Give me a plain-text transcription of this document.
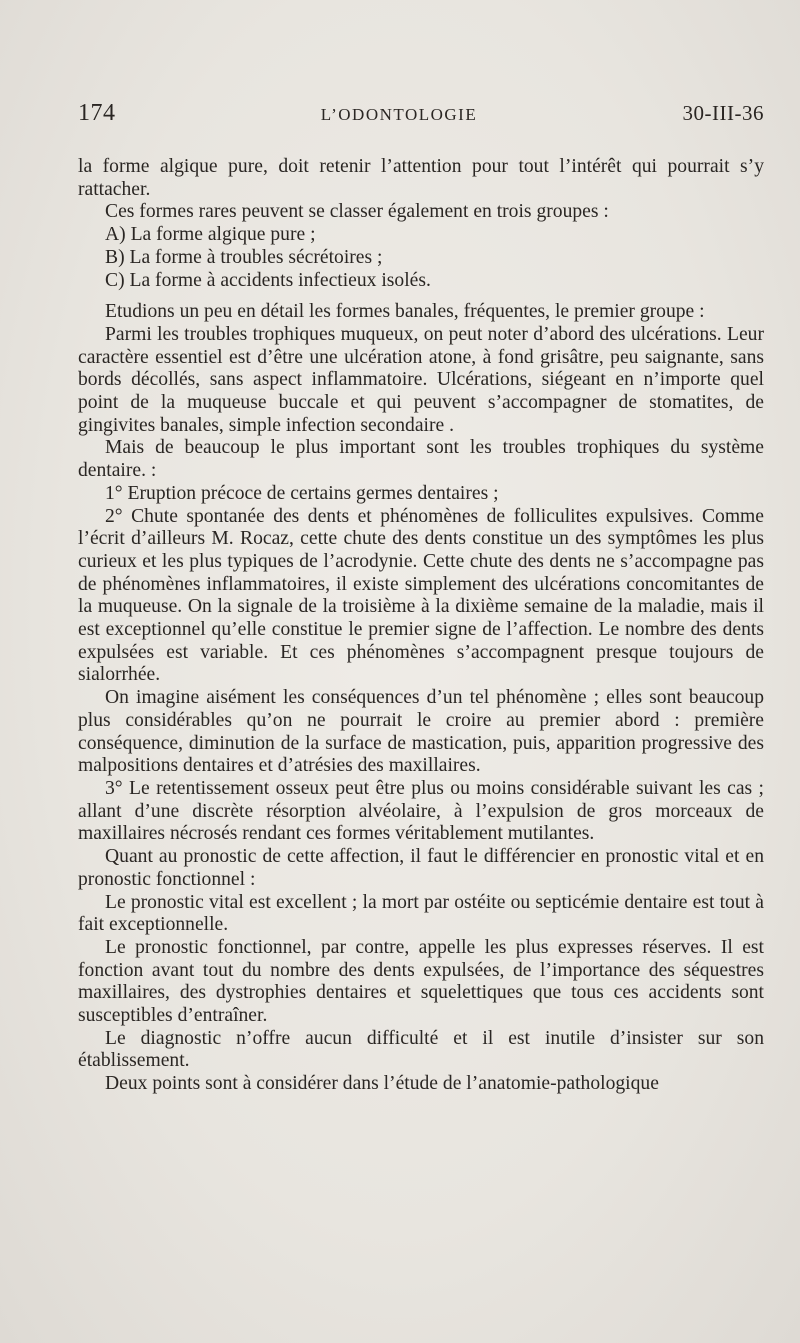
174	L’ODONTOLOGIE	30-III-36

la forme algique pure, doit retenir l’attention pour tout l’intérêt qui pourrait s’y rattacher.

Ces formes rares peuvent se classer également en trois groupes :

A) La forme algique pure ;

B) La forme à troubles sécrétoires ;

C) La forme à accidents infectieux isolés.

Etudions un peu en détail les formes banales, fréquentes, le premier groupe :

Parmi les troubles trophiques muqueux, on peut noter d’abord des ulcérations. Leur caractère essentiel est d’être une ulcération atone, à fond grisâtre, peu saignante, sans bords décollés, sans aspect inflammatoire. Ulcérations, siégeant en n’importe quel point de la muqueuse buccale et qui peuvent s’accompagner de stomatites, de gingivites banales, simple infection secondaire .

Mais de beaucoup le plus important sont les troubles trophiques du système dentaire. :

1° Eruption précoce de certains germes dentaires ;

2° Chute spontanée des dents et phénomènes de folliculites expulsives. Comme l’écrit d’ailleurs M. Rocaz, cette chute des dents constitue un des symptômes les plus curieux et les plus typiques de l’acrodynie. Cette chute des dents ne s’accompagne pas de phénomènes inflammatoires, il existe simplement des ulcérations concomitantes de la muqueuse. On la signale de la troisième à la dixième semaine de la maladie, mais il est exceptionnel qu’elle constitue le premier signe de l’affection. Le nombre des dents expulsées est variable. Et ces phénomènes s’accompagnent presque toujours de sialorrhée.

On imagine aisément les conséquences d’un tel phénomène ; elles sont beaucoup plus considérables qu’on ne pourrait le croire au premier abord : première conséquence, diminution de la surface de mastication, puis, apparition progressive des malpositions dentaires et d’atrésies des maxillaires.

3° Le retentissement osseux peut être plus ou moins considérable suivant les cas ; allant d’une discrète résorption alvéolaire, à l’expulsion de gros morceaux de maxillaires nécrosés rendant ces formes véritablement mutilantes.

Quant au pronostic de cette affection, il faut le différencier en pronostic vital et en pronostic fonctionnel :

Le pronostic vital est excellent ; la mort par ostéite ou septicémie dentaire est tout à fait exceptionnelle.

Le pronostic fonctionnel, par contre, appelle les plus expresses réserves. Il est fonction avant tout du nombre des dents expulsées, de l’importance des séquestres maxillaires, des dystrophies dentaires et squelettiques que tous ces accidents sont susceptibles d’entraîner.

Le diagnostic n’offre aucun difficulté et il est inutile d’insister sur son établissement.

Deux points sont à considérer dans l’étude de l’anatomie-pathologique
